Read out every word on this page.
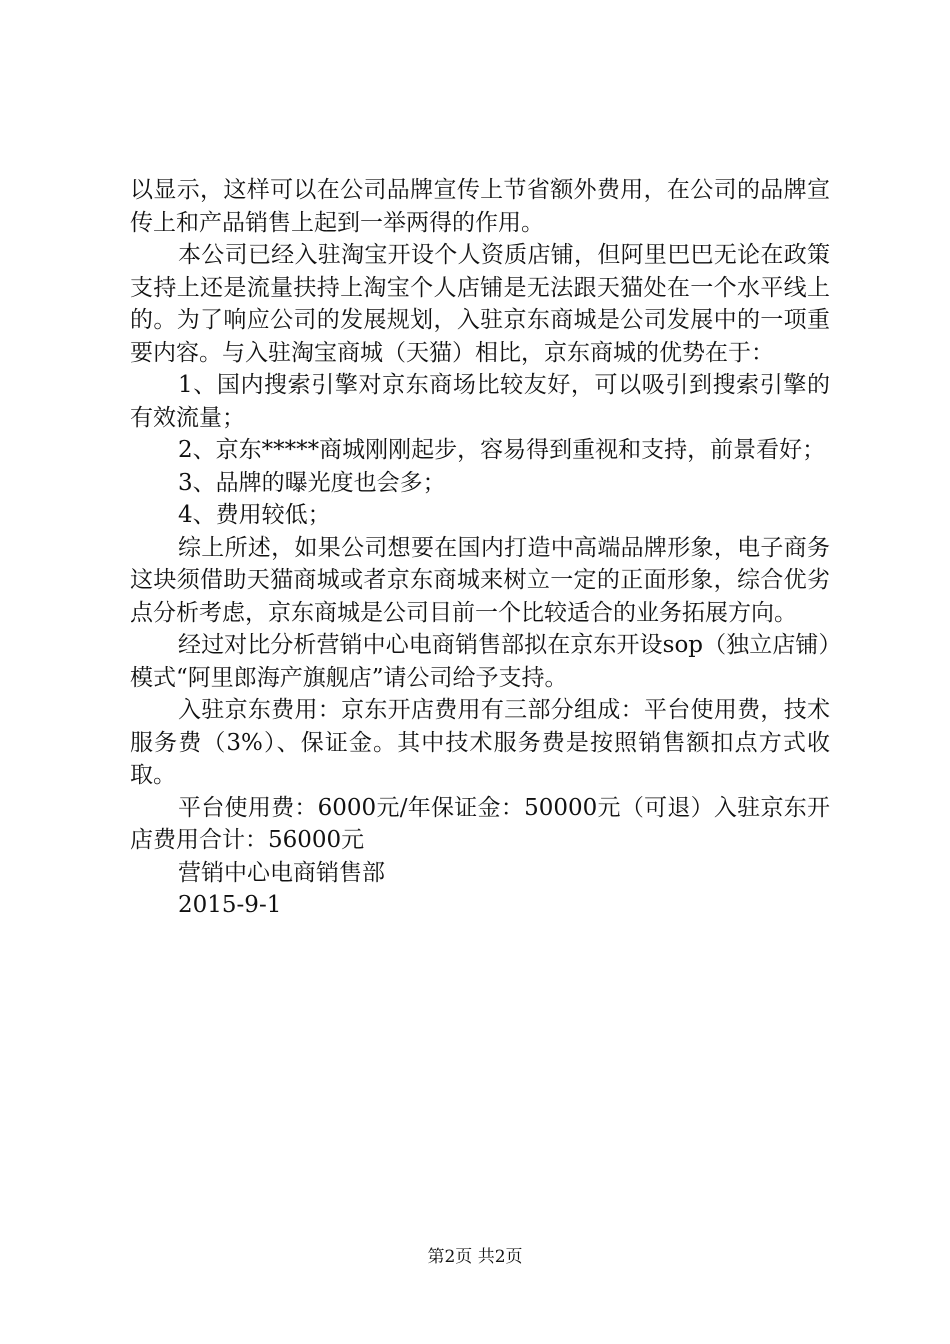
以显示，这样可以在公司品牌宣传上节省额外费用，在公司的品牌宣传上和产品销售上起到一举两得的作用。

本公司已经入驻淘宝开设个人资质店铺，但阿里巴巴无论在政策支持上还是流量扶持上淘宝个人店铺是无法跟天猫处在一个水平线上的。为了响应公司的发展规划，入驻京东商城是公司发展中的一项重要内容。与入驻淘宝商城（天猫）相比，京东商城的优势在于：

1、国内搜索引擎对京东商场比较友好，可以吸引到搜索引擎的有效流量；

2、京东*****商城刚刚起步，容易得到重视和支持，前景看好；

3、品牌的曝光度也会多；

4、费用较低；

综上所述，如果公司想要在国内打造中高端品牌形象，电子商务这块须借助天猫商城或者京东商城来树立一定的正面形象，综合优劣点分析考虑，京东商城是公司目前一个比较适合的业务拓展方向。

经过对比分析营销中心电商销售部拟在京东开设sop（独立店铺）模式“阿里郎海产旗舰店”请公司给予支持。

入驻京东费用：京东开店费用有三部分组成：平台使用费，技术服务费（3%）、保证金。其中技术服务费是按照销售额扣点方式收取。

平台使用费：6000元/年保证金：50000元（可退）入驻京东开店费用合计：56000元

营销中心电商销售部

2015-9-1

第2页 共2页
